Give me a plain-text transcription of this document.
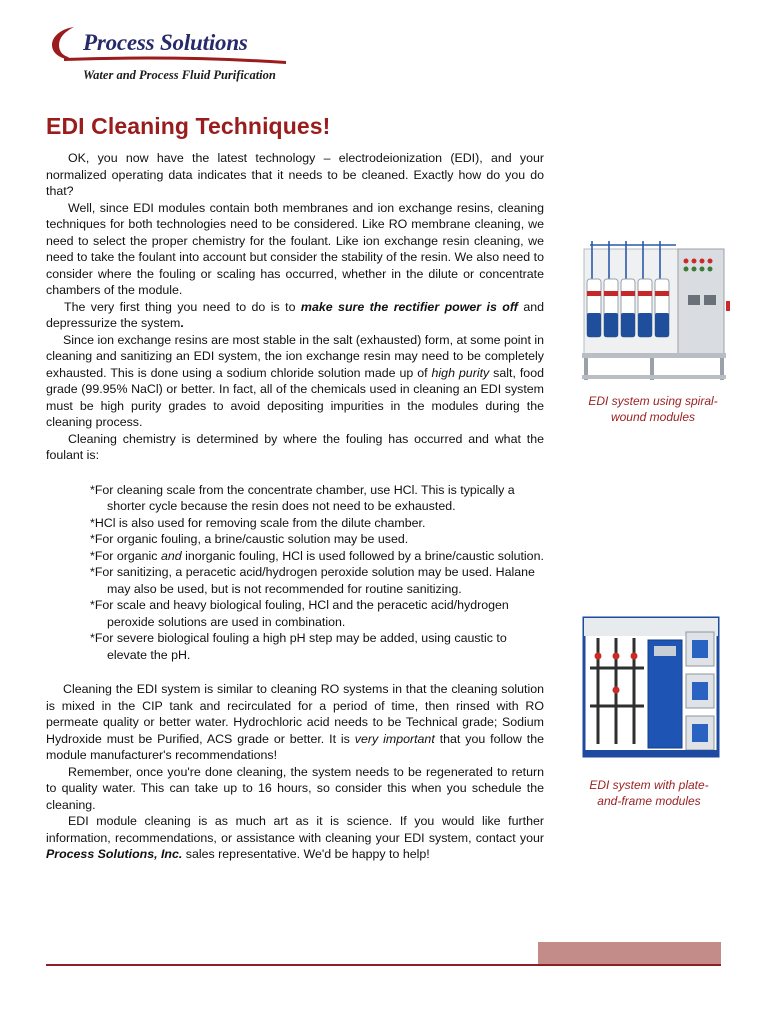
Process Solutions
Water and Process Fluid Purification
EDI Cleaning Techniques!

OK, you now have the latest technology – electrodeionization (EDI), and your normalized operating data indicates that it needs to be cleaned. Exactly how do you do that?

Well, since EDI modules contain both membranes and ion exchange resins, cleaning techniques for both technologies need to be considered. Like RO membrane cleaning, we need to select the proper chemistry for the foulant. Like ion exchange resin cleaning, we need to take the foulant into account but consider the stability of the resin. We also need to consider where the fouling or scaling has occurred, whether in the dilute or concentrate chambers of the module.

The very first thing you need to do is to make sure the rectifier power is off and depressurize the system.

Since ion exchange resins are most stable in the salt (exhausted) form, at some point in cleaning and sanitizing an EDI system, the ion exchange resin may need to be completely exhausted. This is done using a sodium chloride solution made up of high purity salt, food grade (99.95% NaCl) or better. In fact, all of the chemicals used in cleaning an EDI system must be high purity grades to avoid depositing impurities in the modules during the cleaning process.

Cleaning chemistry is determined by where the fouling has occurred and what the foulant is:

*For cleaning scale from the concentrate chamber, use HCl. This is typically a shorter cycle because the resin does not need to be exhausted.

*HCl is also used for removing scale from the dilute chamber.

*For organic fouling, a brine/caustic solution may be used.

*For organic and inorganic fouling, HCl is used followed by a brine/caustic solution.

*For sanitizing, a peracetic acid/hydrogen peroxide solution may be used. Halane may also be used, but is not recommended for routine sanitizing.

*For scale and heavy biological fouling, HCl and the peracetic acid/hydrogen peroxide solutions are used in combination.

*For severe biological fouling a high pH step may be added, using caustic to elevate the pH.

Cleaning the EDI system is similar to cleaning RO systems in that the cleaning solution is mixed in the CIP tank and recirculated for a period of time, then rinsed with RO permeate quality or better water. Hydrochloric acid needs to be Technical grade; Sodium Hydroxide must be Purified, ACS grade or better. It is very important that you follow the module manufacturer's recommendations!

Remember, once you're done cleaning, the system needs to be regenerated to return to quality water. This can take up to 16 hours, so consider this when you schedule the cleaning.

EDI module cleaning is as much art as it is science. If you would like further information, recommendations, or assistance with cleaning your EDI system, contact your Process Solutions, Inc. sales representative. We'd be happy to help!

EDI system using spiral-wound modules
EDI system with plate-and-frame modules
